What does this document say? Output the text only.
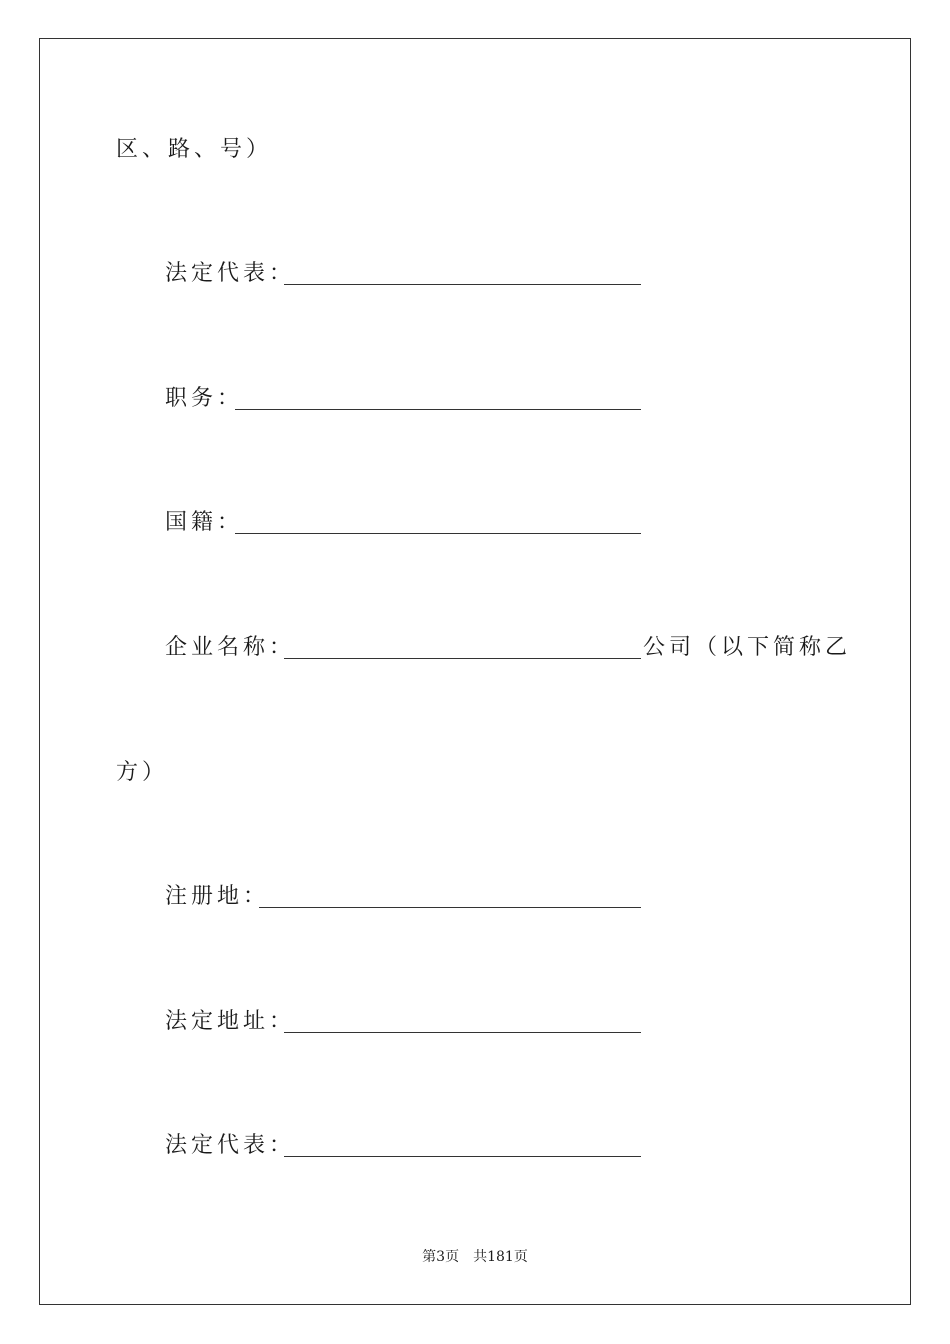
区、路、号）
法定代表：
职务：
国籍：
企业名称：	公司（以下简称乙
方）
注册地：
法定地址：
法定代表：
第3页 共181页
